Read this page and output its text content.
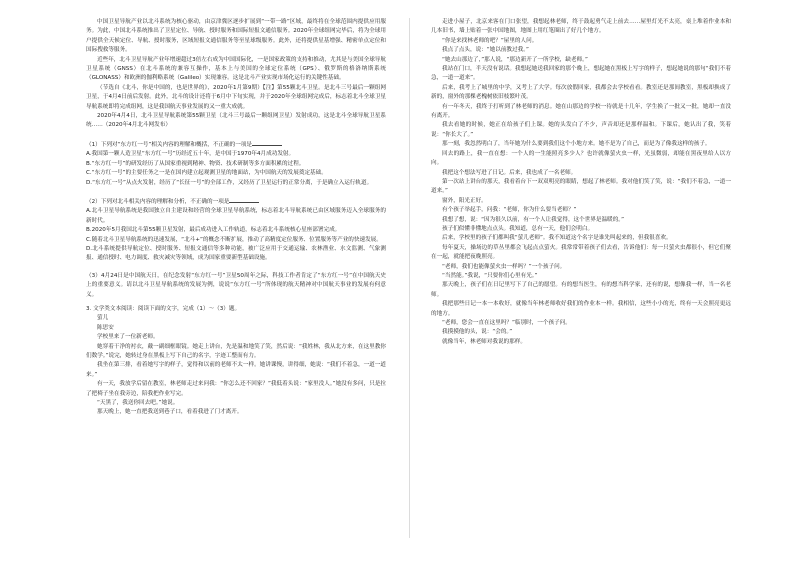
中国卫星导航产业以北斗系统为核心驱动，由京津冀区逐步扩展到“一带一路”区域，最终将在全球范围内提供应用服务。为此，中国北斗系统推出了卫星定位、导航、授时服务和国际短报文通信服务。2020年全球组网完毕后，将为全球用户提供全天候定位、导航、授时服务，区域短报文通信服务等至星球级服务。此外，还将提供星基增强、精密单点定位和国际搜救等服务。

近些年，北斗卫星导航产业年增速超过3倍左右成为中国国际化，一是国家政策的支持和推动，尤其是与美国全球导航卫星系统（GNSS）在北斗系统的兼容互操作，基本上与美国的全球定位系统（GPS）、俄罗斯的格洛纳斯系统（GLONASS）和欧洲的伽利略系统（Galileo）实现兼容。这是北斗产业实现市场化运行的关键性基础。

（节选自《北斗，你是中国的，也是世界的》，2020年1月第9期）【注】第55颗北斗卫星。是北斗三号最后一颗组网卫星，于4月4日前后发射。此外，北斗的设计还将于6月中下旬实现，并于2020年全球组网完成后，标志着北斗全球卫星导航系统即将完成组网，这是我国航天事业发展的又一重大成就。

2020年4月4日，北斗卫星导航系统第55颗卫星（北斗三号最后一颗组网卫星）发射成功，这是北斗全球导航卫星系统……（2020年4月北斗网发布）

（1）下列对“东方红一号”相关内容的理解和概括，不正确的一项是

A.我国第一颗人造卫星“东方红一号”历经近五十年，是中国于1970年4月成功发射。

B.“东方红一号”的研发经历了从国家重视到精神、物资、技术研制等多方面积累的过程。

C.“东方红一号”的主要任务之一是在国内建立起观测卫星的地面站，为中国航天的发展奠定基础。

D.“东方红一号”从点火发射，经历了“长征一号”的全部工作，又经历了卫星运行的正常分离，于是确立入运行轨道。

（2）下列对北斗相关内容的理解和分析，不正确的一项是

A.北斗卫星导航系统是我国独立自主建设和经营的全球卫星导航系统，标志着北斗导航系统已由区域服务迈入全球服务的新时代。

B.2020年5月我国北斗第55颗卫星发射，最后成功进入工作轨道，标志着北斗系统核心星座部署完成。

C.随着北斗卫星导航系统的迅速发展，“北斗+”的概念不断扩展，推动了高精度定位服务、位置服务等产业的快速发展。

D.北斗系统提供导航定位、授时服务、短报文通信等多种功能，被广泛应用于交通运输、农林渔业、水文监测、气象测报、通信授时、电力调度、救灾减灾等领域，成为国家重要新型基础设施。

（3）4月24日是中国航天日，在纪念发射“东方红一号”卫星50周年之际，科技工作者肯定了“东方红一号”在中国航天史上的重要意义。请以北斗卫星导航系统的发展为例，说说“东方红一号”所体现的航天精神对中国航天事业的发展有何意义。

3. 文学类文本阅读：阅读下面的文字，完成（1）～（3）题。

萤儿

陈思安

学校里来了一位新老师。

她穿着干净的衬衣，戴一副细框眼镜。她走上讲台，先是温和地笑了笑，然后说：“我姓林，我从北方来，在这里教你们数学。”说完，她转过身在黑板上写下自己的名字，字迹工整而有力。

我坐在第三排，看着她写字的样子，觉得和以前的老师不太一样。她讲课慢，讲得细，她说：“我们不着急，一道一道来。”

有一天，我放学后留在教室，林老师走过来问我：“你怎么还不回家？”我低着头说：“家里没人。”她没有多问，只是拉了把椅子坐在我旁边，陪我把作业写完。

“天黑了，我送你回去吧。”她说。

那天晚上，她一直把我送到巷子口，看着我进了门才离开。

走进小屋子，北京来客在门口张望，我想起林老师，终于鼓起勇气走上前去……屋里灯光不太亮，桌上堆着作业本和几本旧书，墙上贴着一张中国地图，地图上用红笔圈出了好几个地方。

“你是来找林老师的吧？”屋里的人问。

我点了点头，说：“她以前教过我。”

“她去山那边了，”那人说，“那边新开了一所学校，缺老师。”

我站在门口，半天没有说话。我想起她送我回家的那个晚上，想起她在黑板上写字的样子，想起她说的那句“我们不着急，一道一道来”。

后来，我考上了城里的中学，又考上了大学。每次放假回家，我都会去学校看看。教室还是那间教室，黑板却换成了新的，窗外的那棵老槐树依旧枝繁叶茂。

有一年冬天，我终于打听到了林老师的消息。她在山那边的学校一待就是十几年，学生换了一批又一批，她却一直没有离开。

我去看她的时候，她正在给孩子们上课。她的头发白了不少，声音却还是那样温和。下课后，她认出了我，笑着说：“你长大了。”

那一刻，我忽然明白了，当年她为什么要到我们这个小地方来。她不是为了自己，而是为了像我这样的孩子。

回去的路上，我一直在想：一个人的一生能照亮多少人？也许就像萤火虫一样，光虽微弱，却能在黑夜里给人以方向。

我把这个想法写进了日记。后来，我也成了一名老师。

第一次站上讲台的那天，我看着台下一双双明亮的眼睛，想起了林老师。我对他们笑了笑，说：“我们不着急，一道一道来。”

窗外，阳光正好。

有个孩子举起手，问我：“老师，你为什么要当老师？”

我想了想，说：“因为很久以前，有一个人让我觉得，这个世界是温暖的。”

孩子们似懂非懂地点点头。我知道，总有一天，他们会明白。

后来，学校里的孩子们都叫我“萤儿老师”。我不知道这个名字是谁先叫起来的，但我很喜欢。

每年夏天，操场边的草丛里都会飞起点点萤火。我常常带着孩子们去看，告诉他们：每一只萤火虫都很小，但它们聚在一起，就能把夜晚照亮。

“老师，我们也能像萤火虫一样吗？”一个孩子问。

“当然能。”我说，“只要你们心里有光。”

那天晚上，孩子们在日记里写下了自己的愿望。有的想当医生，有的想当科学家，还有的说，想像我一样，当一名老师。

我把那些日记一本一本收好，就像当年林老师收好我们的作业本一样。我相信，这些小小的光，终有一天会照亮更远的地方。

“老师，您会一直在这里吗？”临别时，一个孩子问。

我摸摸他的头，说：“会的。”

就像当年，林老师对我说的那样。
